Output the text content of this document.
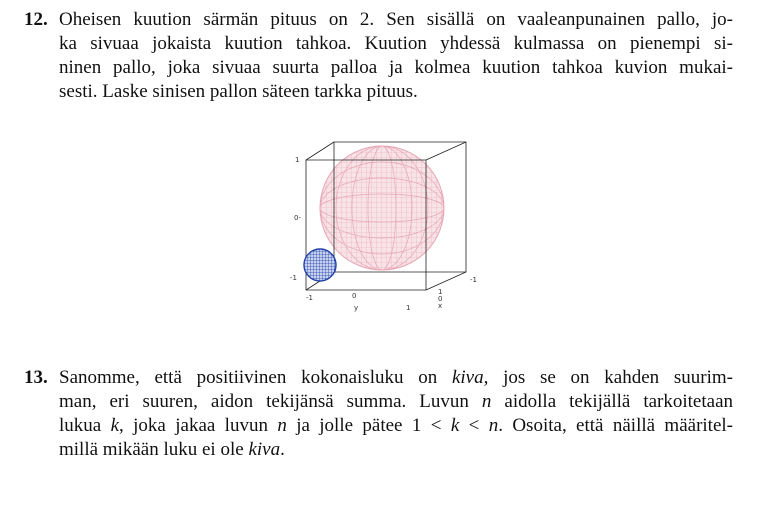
12. Oheisen kuution särmän pituus on 2. Sen sisällä on vaaleanpunainen pallo, jo-
ka sivuaa jokaista kuution tahkoa. Kuution yhdessä kulmassa on pienempi si-
ninen pallo, joka sivuaa suurta palloa ja kolmea kuution tahkoa kuvion mukai-
sesti. Laske sinisen pallon säteen tarkka pituus.
1
0-
-1	-1
-1	0
y	1
1
0
x
13. Sanomme, että positiivinen kokonaisluku on kiva, jos se on kahden suurim-
man, eri suuren, aidon tekijänsä summa. Luvun n aidolla tekijällä tarkoitetaan
lukua k, joka jakaa luvun n ja jolle pätee 1 < k < n. Osoita, että näillä määritel-
millä mikään luku ei ole kiva.
